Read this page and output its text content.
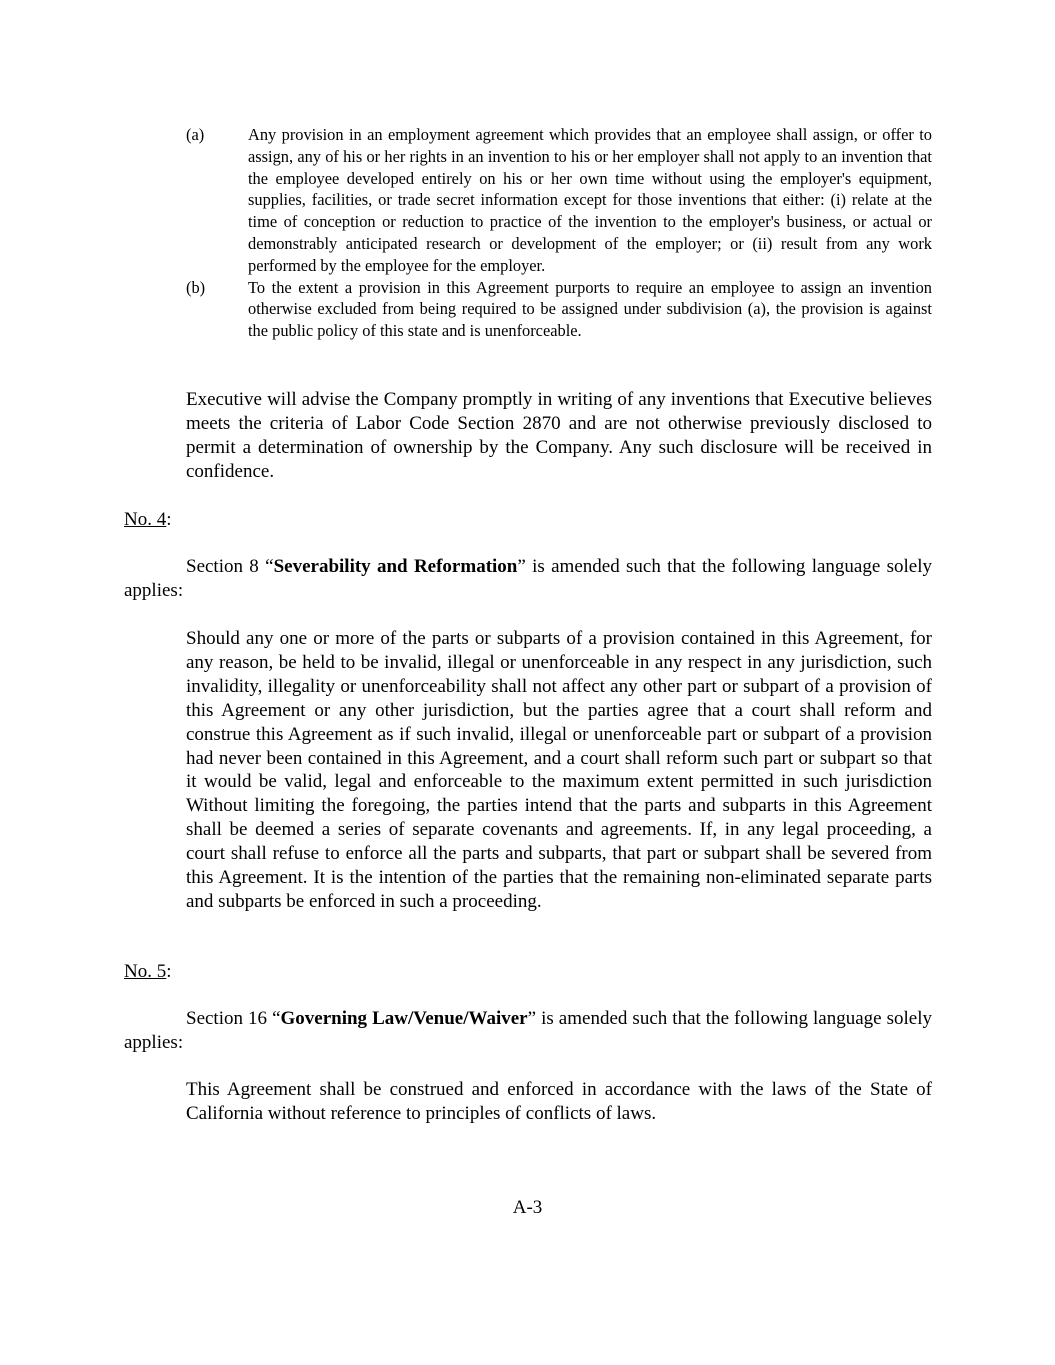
(a)	Any provision in an employment agreement which provides that an employee shall assign, or offer to assign, any of his or her rights in an invention to his or her employer shall not apply to an invention that the employee developed entirely on his or her own time without using the employer's equipment, supplies, facilities, or trade secret information except for those inventions that either: (i) relate at the time of conception or reduction to practice of the invention to the employer's business, or actual or demonstrably anticipated research or development of the employer; or (ii) result from any work performed by the employee for the employer.
(b)	To the extent a provision in this Agreement purports to require an employee to assign an invention otherwise excluded from being required to be assigned under subdivision (a), the provision is against the public policy of this state and is unenforceable.

Executive will advise the Company promptly in writing of any inventions that Executive believes meets the criteria of Labor Code Section 2870 and are not otherwise previously disclosed to permit a determination of ownership by the Company. Any such disclosure will be received in confidence.

No. 4:

Section 8 “Severability and Reformation” is amended such that the following language solely applies:

Should any one or more of the parts or subparts of a provision contained in this Agreement, for any reason, be held to be invalid, illegal or unenforceable in any respect in any jurisdiction, such invalidity, illegality or unenforceability shall not affect any other part or subpart of a provision of this Agreement or any other jurisdiction, but the parties agree that a court shall reform and construe this Agreement as if such invalid, illegal or unenforceable part or subpart of a provision had never been contained in this Agreement, and a court shall reform such part or subpart so that it would be valid, legal and enforceable to the maximum extent permitted in such jurisdiction Without limiting the foregoing, the parties intend that the parts and subparts in this Agreement shall be deemed a series of separate covenants and agreements. If, in any legal proceeding, a court shall refuse to enforce all the parts and subparts, that part or subpart shall be severed from this Agreement. It is the intention of the parties that the remaining non-eliminated separate parts and subparts be enforced in such a proceeding.

No. 5:

Section 16 “Governing Law/Venue/Waiver” is amended such that the following language solely applies:

This Agreement shall be construed and enforced in accordance with the laws of the State of California without reference to principles of conflicts of laws.

A-3
